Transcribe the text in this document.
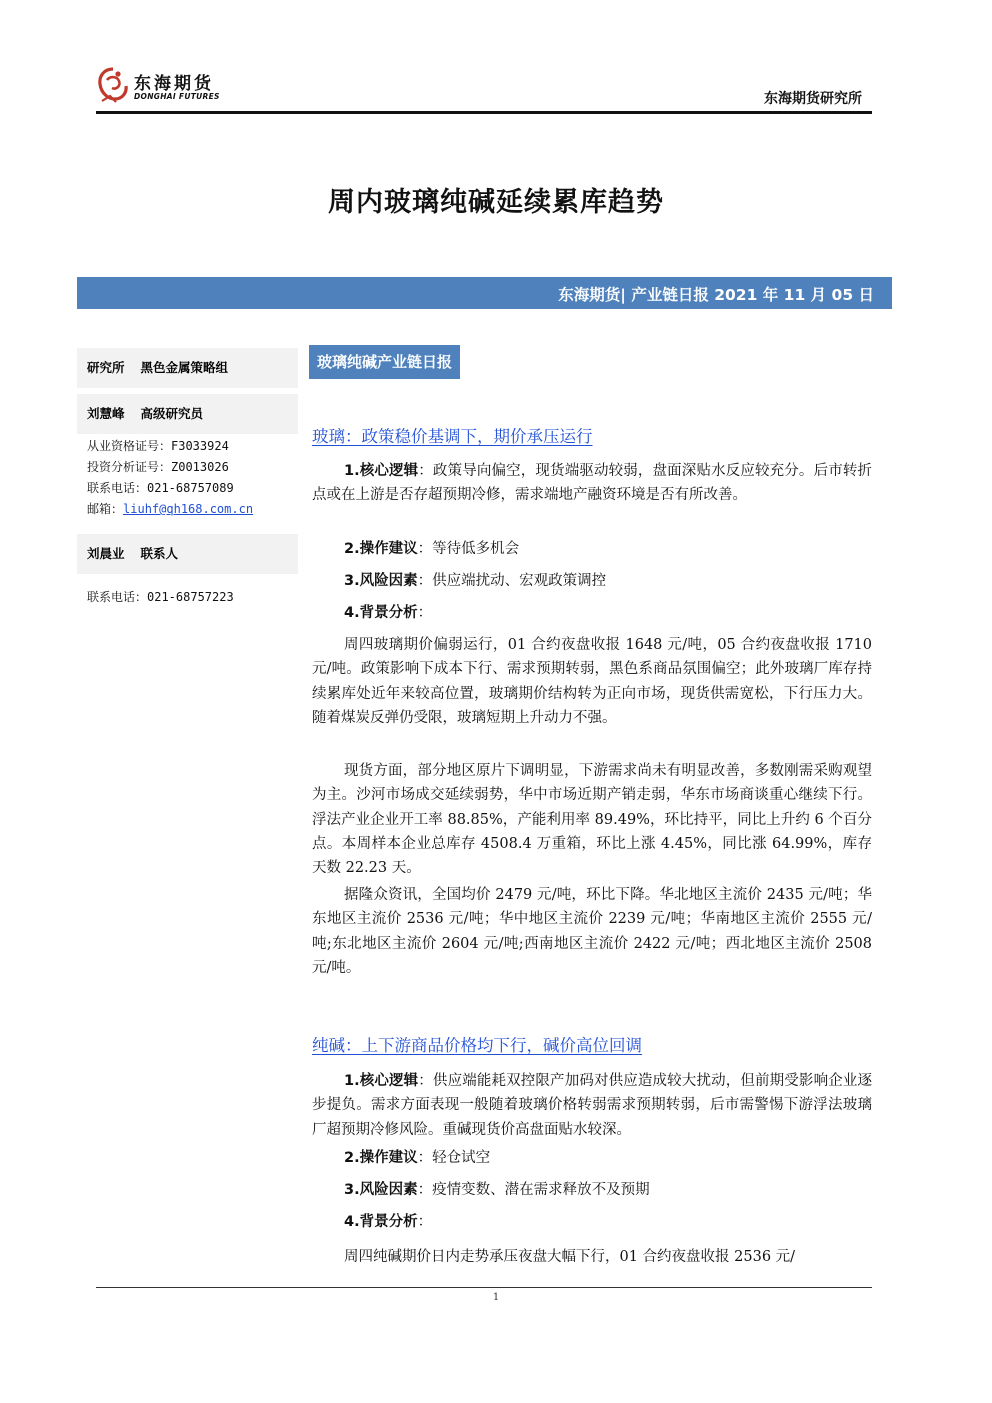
东海期货
DONGHAI FUTURES	东海期货研究所
周内玻璃纯碱延续累库趋势
东海期货| 产业链日报 2021 年 11 月 05 日
研究所 黑色金属策略组
刘慧峰 高级研究员
从业资格证号：F3033924
投资分析证号：Z0013026
联系电话：021-68757089
邮箱：liuhf@qh168.com.cn
刘晨业 联系人
联系电话：021-68757223
玻璃纯碱产业链日报
玻璃：政策稳价基调下，期价承压运行

1.核心逻辑：政策导向偏空，现货端驱动较弱，盘面深贴水反应较充分。后市转折点或在上游是否存超预期冷修，需求端地产融资环境是否有所改善。

2.操作建议：等待低多机会
3.风险因素：供应端扰动、宏观政策调控
4.背景分析：

周四玻璃期价偏弱运行，01 合约夜盘收报 1648 元/吨，05 合约夜盘收报 1710 元/吨。政策影响下成本下行、需求预期转弱，黑色系商品氛围偏空；此外玻璃厂库存持续累库处近年来较高位置，玻璃期价结构转为正向市场，现货供需宽松，下行压力大。随着煤炭反弹仍受限，玻璃短期上升动力不强。

现货方面，部分地区原片下调明显，下游需求尚未有明显改善，多数刚需采购观望为主。沙河市场成交延续弱势，华中市场近期产销走弱，华东市场商谈重心继续下行。浮法产业企业开工率 88.85%，产能利用率 89.49%，环比持平，同比上升约 6 个百分点。本周样本企业总库存 4508.4 万重箱，环比上涨 4.45%，同比涨 64.99%，库存天数 22.23 天。

据隆众资讯，全国均价 2479 元/吨，环比下降。华北地区主流价 2435 元/吨；华东地区主流价 2536 元/吨；华中地区主流价 2239 元/吨；华南地区主流价 2555 元/吨;东北地区主流价 2604 元/吨;西南地区主流价 2422 元/吨；西北地区主流价 2508 元/吨。

纯碱：上下游商品价格均下行，碱价高位回调

1.核心逻辑：供应端能耗双控限产加码对供应造成较大扰动，但前期受影响企业逐步提负。需求方面表现一般随着玻璃价格转弱需求预期转弱，后市需警惕下游浮法玻璃厂超预期冷修风险。重碱现货价高盘面贴水较深。

2.操作建议：轻仓试空
3.风险因素：疫情变数、潜在需求释放不及预期
4.背景分析：

周四纯碱期价日内走势承压夜盘大幅下行，01 合约夜盘收报 2536 元/

1
